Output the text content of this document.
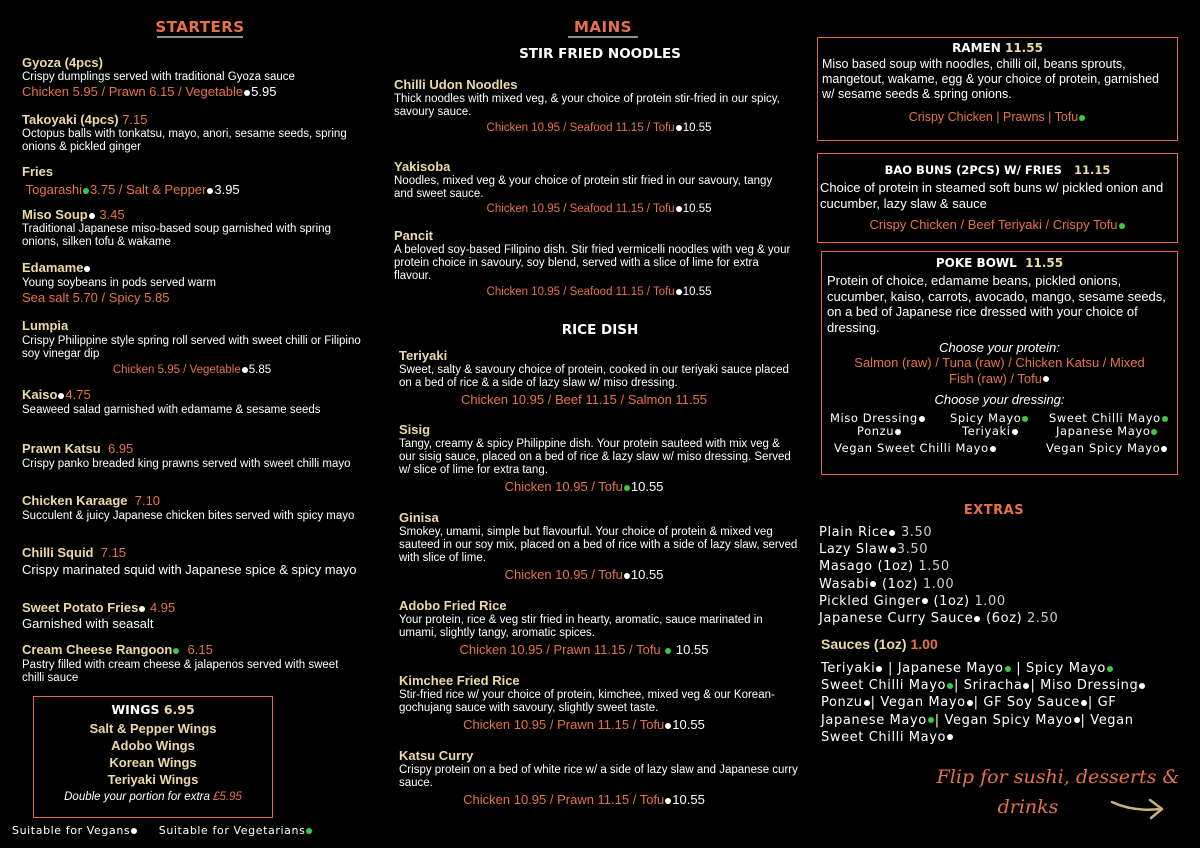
STARTERS
Gyoza (4pcs)
Crispy dumplings served with traditional Gyoza sauce
Chicken 5.95 / Prawn 6.15 / Vegetable 5.95
Takoyaki (4pcs) 7.15
Octopus balls with tonkatsu, mayo, anori, sesame seeds, spring onions & pickled ginger
Fries
Togarashi 3.75 / Salt & Pepper 3.95
Miso Soup 3.45
Traditional Japanese miso-based soup garnished with spring onions, silken tofu & wakame
Edamame
Young soybeans in pods served warm
Sea salt 5.70 / Spicy 5.85
Lumpia
Crispy Philippine style spring roll served with sweet chilli or Filipino soy vinegar dip
Chicken 5.95 / Vegetable 5.85
Kaiso 4.75
Seaweed salad garnished with edamame & sesame seeds
Prawn Katsu 6.95
Crispy panko breaded king prawns served with sweet chilli mayo
Chicken Karaage 7.10
Succulent & juicy Japanese chicken bites served with spicy mayo
Chilli Squid 7.15
Crispy marinated squid with Japanese spice & spicy mayo
Sweet Potato Fries 4.95
Garnished with seasalt
Cream Cheese Rangoon 6.15
Pastry filled with cream cheese & jalapenos served with sweet chilli sauce
WINGS 6.95
Salt & Pepper Wings
Adobo Wings
Korean Wings
Teriyaki Wings
Double your portion for extra £5.95
Suitable for Vegans	Suitable for Vegetarians
MAINS
STIR FRIED NOODLES
Chilli Udon Noodles
Thick noodles with mixed veg, & your choice of protein stir-fried in our spicy, savoury sauce.
Chicken 10.95 / Seafood 11.15 / Tofu 10.55
Yakisoba
Noodles, mixed veg & your choice of protein stir fried in our savoury, tangy and sweet sauce.
Chicken 10.95 / Seafood 11.15 / Tofu 10.55
Pancit
A beloved soy-based Filipino dish. Stir fried vermicelli noodles with veg & your protein choice in savoury, soy blend, served with a slice of lime for extra flavour.
Chicken 10.95 / Seafood 11.15 / Tofu 10.55
RICE DISH
Teriyaki
Sweet, salty & savoury choice of protein, cooked in our teriyaki sauce placed on a bed of rice & a side of lazy slaw w/ miso dressing.
Chicken 10.95 / Beef 11.15 / Salmon 11.55
Sisig
Tangy, creamy & spicy Philippine dish. Your protein sauteed with mix veg & our sisig sauce, placed on a bed of rice & lazy slaw w/ miso dressing. Served w/ slice of lime for extra tang.
Chicken 10.95 / Tofu 10.55
Ginisa
Smokey, umami, simple but flavourful. Your choice of protein & mixed veg sauteed in our soy mix, placed on a bed of rice with a side of lazy slaw, served with slice of lime.
Chicken 10.95 / Tofu 10.55
Adobo Fried Rice
Your protein, rice & veg stir fried in hearty, aromatic, sauce marinated in umami, slightly tangy, aromatic spices.
Chicken 10.95 / Prawn 11.15 / Tofu 10.55
Kimchee Fried Rice
Stir-fried rice w/ your choice of protein, kimchee, mixed veg & our Korean-gochujang sauce with savoury, slightly sweet taste.
Chicken 10.95 / Prawn 11.15 / Tofu 10.55
Katsu Curry
Crispy protein on a bed of white rice w/ a side of lazy slaw and Japanese curry sauce.
Chicken 10.95 / Prawn 11.15 / Tofu 10.55
RAMEN 11.55
Miso based soup with noodles, chilli oil, beans sprouts, mangetout, wakame, egg & your choice of protein, garnished w/ sesame seeds & spring onions.
Crispy Chicken | Prawns | Tofu
BAO BUNS (2PCS) W/ FRIES 11.15
Choice of protein in steamed soft buns w/ pickled onion and cucumber, lazy slaw & sauce
Crispy Chicken / Beef Teriyaki / Crispy Tofu
POKE BOWL 11.55
Protein of choice, edamame beans, pickled onions, cucumber, kaiso, carrots, avocado, mango, sesame seeds, on a bed of Japanese rice dressed with your choice of dressing.
Choose your protein:
Salmon (raw) / Tuna (raw) / Chicken Katsu / Mixed
Fish (raw) / Tofu
Choose your dressing:
Miso Dressing	Spicy Mayo	Sweet Chilli Mayo
Ponzu	Teriyaki	Japanese Mayo
Vegan Sweet Chilli Mayo	Vegan Spicy Mayo
EXTRAS
Plain Rice 3.50
Lazy Slaw 3.50
Masago (1oz) 1.50
Wasabi (1oz) 1.00
Pickled Ginger (1oz) 1.00
Japanese Curry Sauce (6oz) 2.50
Sauces (1oz) 1.00
Teriyaki | Japanese Mayo | Spicy Mayo
Sweet Chilli Mayo | Sriracha | Miso Dressing
Ponzu | Vegan Mayo | GF Soy Sauce | GF
Japanese Mayo | Vegan Spicy Mayo | Vegan
Sweet Chilli Mayo
Flip for sushi, desserts &
drinks
